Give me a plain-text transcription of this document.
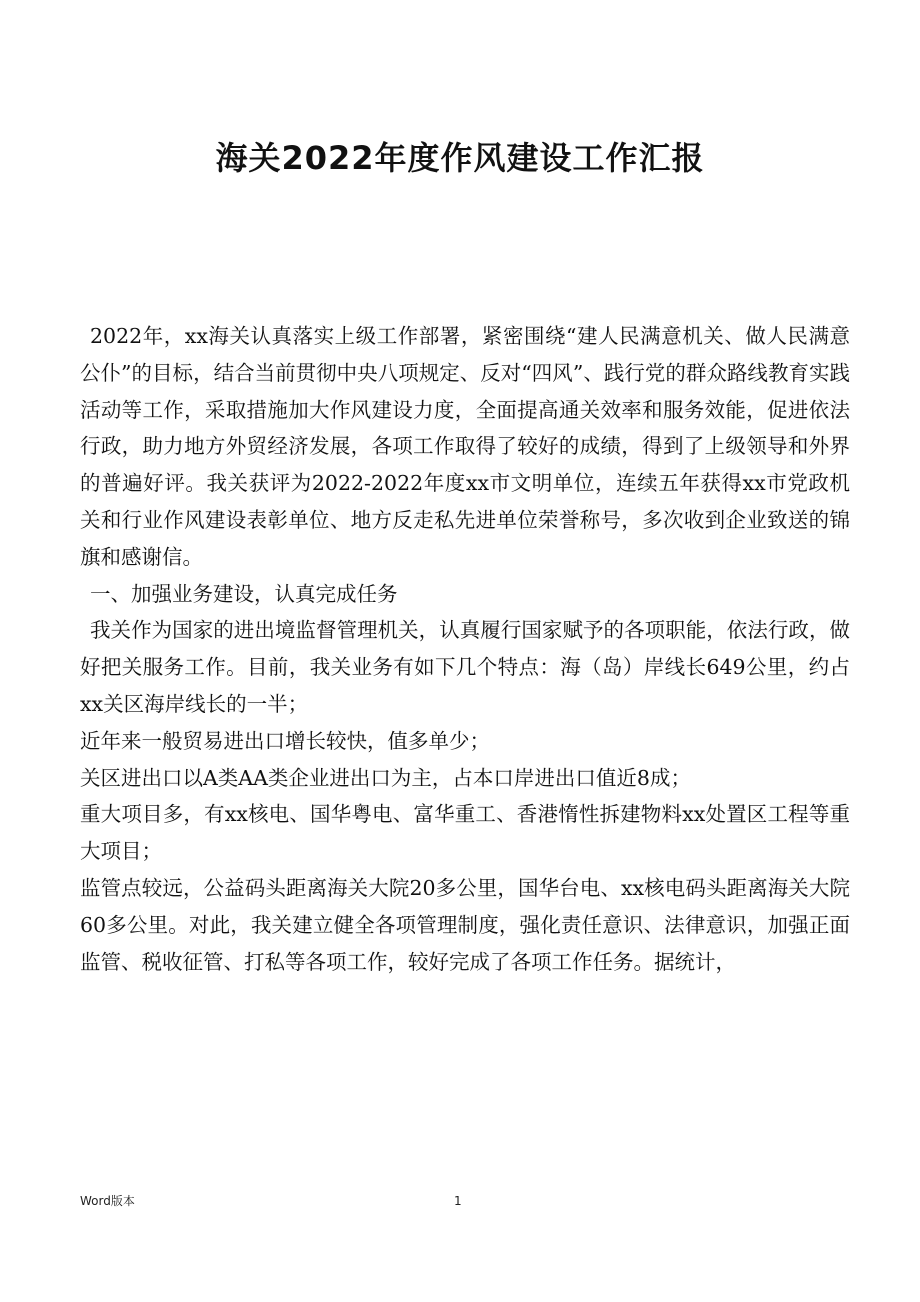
海关2022年度作风建设工作汇报

2022年，xx海关认真落实上级工作部署，紧密围绕“建人民满意机关、做人民满意公仆”的目标，结合当前贯彻中央八项规定、反对“四风”、践行党的群众路线教育实践活动等工作，采取措施加大作风建设力度，全面提高通关效率和服务效能，促进依法行政，助力地方外贸经济发展，各项工作取得了较好的成绩，得到了上级领导和外界的普遍好评。我关获评为2022-2022年度xx市文明单位，连续五年获得xx市党政机关和行业作风建设表彰单位、地方反走私先进单位荣誉称号，多次收到企业致送的锦旗和感谢信。

一、加强业务建设，认真完成任务

我关作为国家的进出境监督管理机关，认真履行国家赋予的各项职能，依法行政，做好把关服务工作。目前，我关业务有如下几个特点：海（岛）岸线长649公里，约占xx关区海岸线长的一半；

近年来一般贸易进出口增长较快，值多单少；

关区进出口以A类AA类企业进出口为主，占本口岸进出口值近8成；

重大项目多，有xx核电、国华粤电、富华重工、香港惰性拆建物料xx处置区工程等重大项目；

监管点较远，公益码头距离海关大院20多公里，国华台电、xx核电码头距离海关大院60多公里。对此，我关建立健全各项管理制度，强化责任意识、法律意识，加强正面监管、税收征管、打私等各项工作，较好完成了各项工作任务。据统计，

Word版本	1
